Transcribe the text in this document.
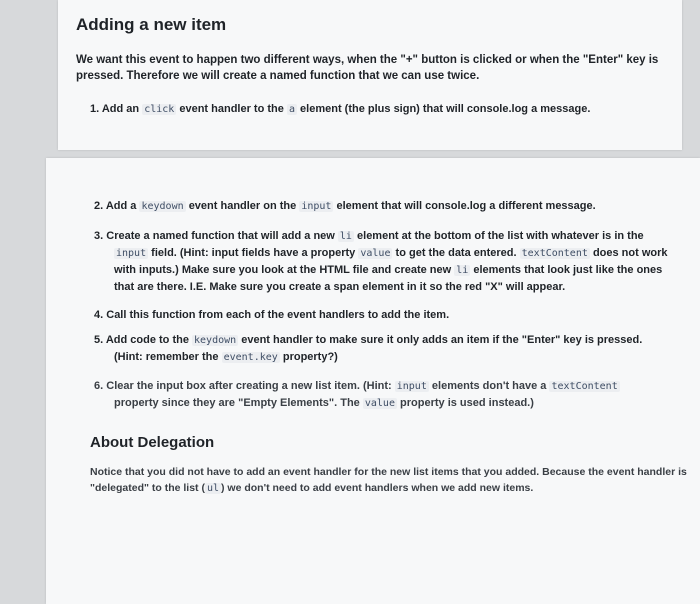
Adding a new item

We want this event to happen two different ways, when the "+" button is clicked or when the "Enter" key is pressed. Therefore we will create a named function that we can use twice.

1. Add an click event handler to the a element (the plus sign) that will console.log a message.
2. Add a keydown event handler on the input element that will console.log a different message.
3. Create a named function that will add a new li element at the bottom of the list with whatever is in the
input field. (Hint: input fields have a property value to get the data entered. textContent does not work with inputs.) Make sure you look at the HTML file and create new li elements that look just like the ones that are there. I.E. Make sure you create a span element in it so the red "X" will appear.
4. Call this function from each of the event handlers to add the item.
5. Add code to the keydown event handler to make sure it only adds an item if the "Enter" key is pressed.
(Hint: remember the event.key property?)
6. Clear the input box after creating a new list item. (Hint: input elements don't have a textContent
property since they are "Empty Elements". The value property is used instead.)
About Delegation

Notice that you did not have to add an event handler for the new list items that you added. Because the event handler is "delegated" to the list ( ul ) we don't need to add event handlers when we add new items.
